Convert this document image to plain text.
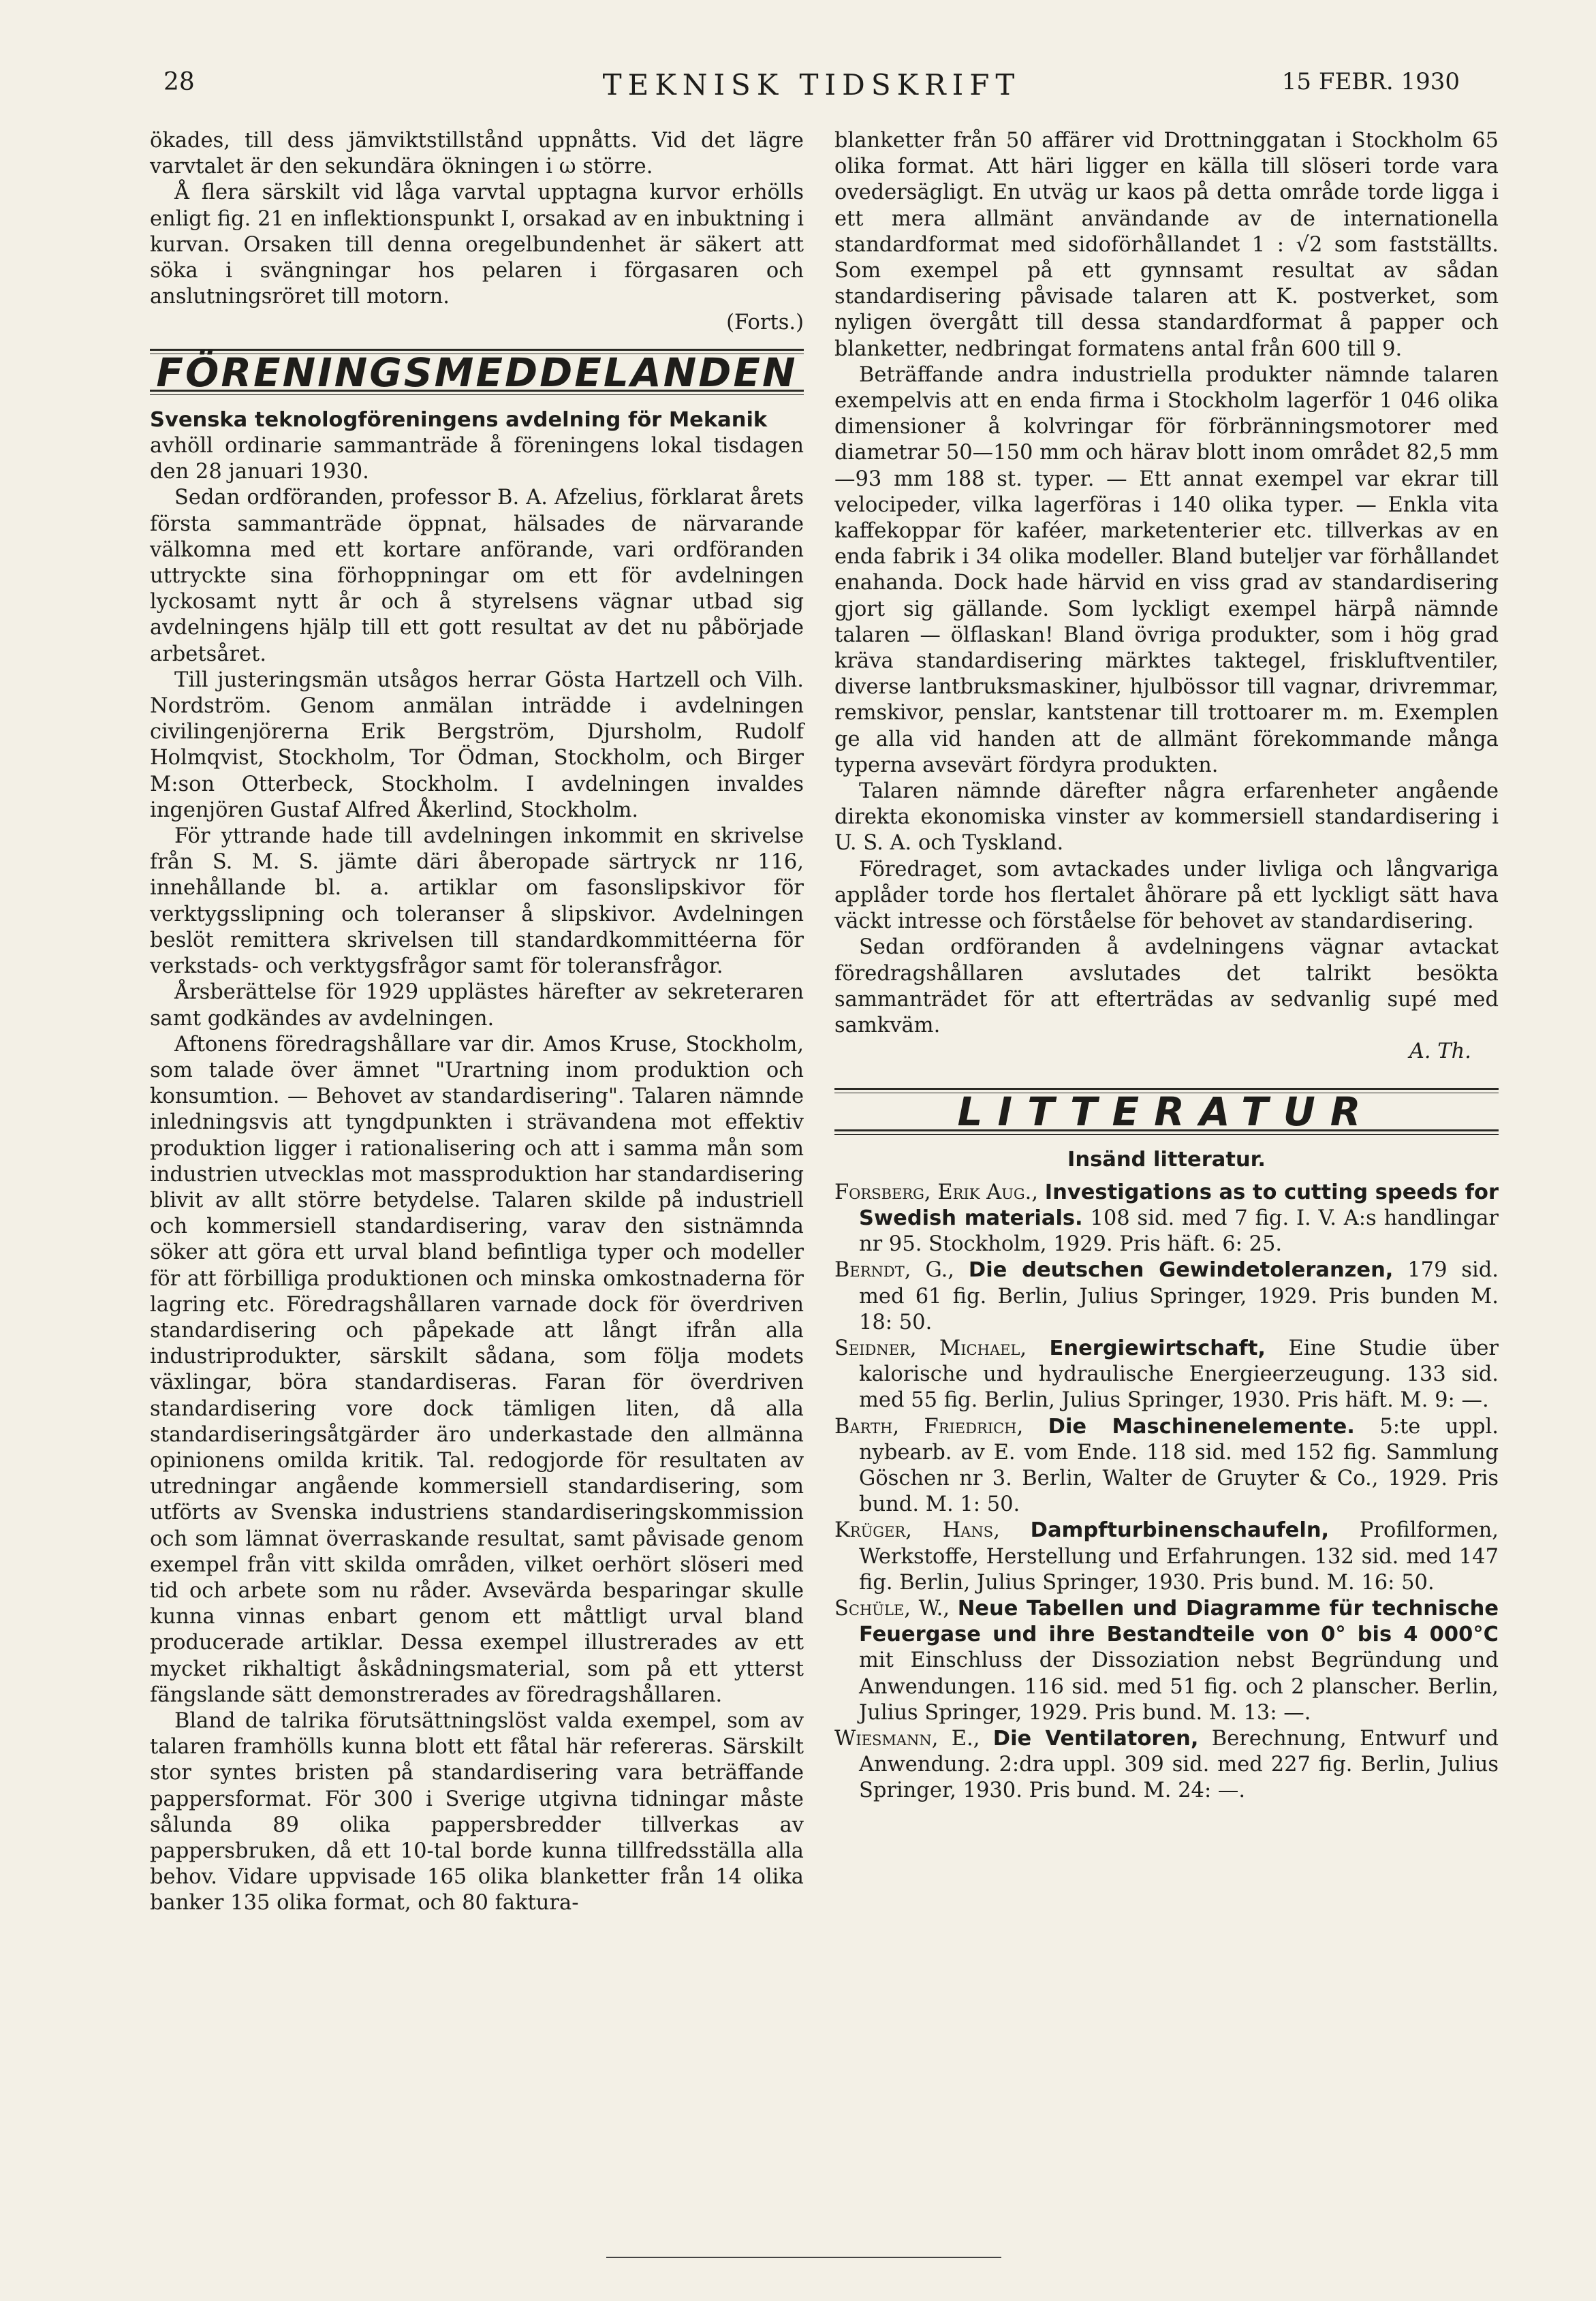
28	TEKNISK TIDSKRIFT	15 FEBR. 1930

ökades, till dess jämviktstillstånd uppnåtts. Vid det lägre varvtalet är den sekundära ökningen i ω större.

Å flera särskilt vid låga varvtal upptagna kurvor erhölls enligt fig. 21 en inflektionspunkt I, orsakad av en inbuktning i kurvan. Orsaken till denna oregelbundenhet är säkert att söka i svängningar hos pelaren i förgasaren och anslutningsröret till motorn.

(Forts.)
FÖRENINGSMEDDELANDEN

Svenska teknologföreningens avdelning för Mekanik

avhöll ordinarie sammanträde å föreningens lokal tisdagen den 28 januari 1930.

Sedan ordföranden, professor B. A. Afzelius, förklarat årets första sammanträde öppnat, hälsades de närvarande välkomna med ett kortare anförande, vari ordföranden uttryckte sina förhoppningar om ett för avdelningen lyckosamt nytt år och å styrelsens vägnar utbad sig avdelningens hjälp till ett gott resultat av det nu påbörjade arbetsåret.

Till justeringsmän utsågos herrar Gösta Hartzell och Vilh. Nordström. Genom anmälan inträdde i avdelningen civilingenjörerna Erik Bergström, Djursholm, Rudolf Holmqvist, Stockholm, Tor Ödman, Stockholm, och Birger M:son Otterbeck, Stockholm. I avdelningen invaldes ingenjören Gustaf Alfred Åkerlind, Stockholm.

För yttrande hade till avdelningen inkommit en skrivelse från S. M. S. jämte däri åberopade särtryck nr 116, innehållande bl. a. artiklar om fasonslipskivor för verktygsslipning och toleranser å slipskivor. Avdelningen beslöt remittera skrivelsen till standardkommittéerna för verkstads- och verktygsfrågor samt för toleransfrågor.

Årsberättelse för 1929 upplästes härefter av sekreteraren samt godkändes av avdelningen.

Aftonens föredragshållare var dir. Amos Kruse, Stockholm, som talade över ämnet "Urartning inom produktion och konsumtion. — Behovet av standardisering". Talaren nämnde inledningsvis att tyngdpunkten i strävandena mot effektiv produktion ligger i rationalisering och att i samma mån som industrien utvecklas mot massproduktion har standardisering blivit av allt större betydelse. Talaren skilde på industriell och kommersiell standardisering, varav den sistnämnda söker att göra ett urval bland befintliga typer och modeller för att förbilliga produktionen och minska omkostnaderna för lagring etc. Föredragshållaren varnade dock för överdriven standardisering och påpekade att långt ifrån alla industriprodukter, särskilt sådana, som följa modets växlingar, böra standardiseras. Faran för överdriven standardisering vore dock tämligen liten, då alla standardiseringsåtgärder äro underkastade den allmänna opinionens omilda kritik. Tal. redogjorde för resultaten av utredningar angående kommersiell standardisering, som utförts av Svenska industriens standardiseringskommission och som lämnat överraskande resultat, samt påvisade genom exempel från vitt skilda områden, vilket oerhört slöseri med tid och arbete som nu råder. Avsevärda besparingar skulle kunna vinnas enbart genom ett måttligt urval bland producerade artiklar. Dessa exempel illustrerades av ett mycket rikhaltigt åskådningsmaterial, som på ett ytterst fängslande sätt demonstrerades av föredragshållaren.

Bland de talrika förutsättningslöst valda exempel, som av talaren framhölls kunna blott ett fåtal här refereras. Särskilt stor syntes bristen på standardisering vara beträffande pappersformat. För 300 i Sverige utgivna tidningar måste sålunda 89 olika pappersbredder tillverkas av pappersbruken, då ett 10-tal borde kunna tillfredsställa alla behov. Vidare uppvisade 165 olika blanketter från 14 olika banker 135 olika format, och 80 faktura-

blanketter från 50 affärer vid Drottninggatan i Stockholm 65 olika format. Att häri ligger en källa till slöseri torde vara ovedersägligt. En utväg ur kaos på detta område torde ligga i ett mera allmänt användande av de internationella standardformat med sidoförhållandet 1 : √2 som fastställts. Som exempel på ett gynnsamt resultat av sådan standardisering påvisade talaren att K. postverket, som nyligen övergått till dessa standardformat å papper och blanketter, nedbringat formatens antal från 600 till 9.

Beträffande andra industriella produkter nämnde talaren exempelvis att en enda firma i Stockholm lagerför 1 046 olika dimensioner å kolvringar för förbränningsmotorer med diametrar 50—150 mm och härav blott inom området 82,5 mm—93 mm 188 st. typer. — Ett annat exempel var ekrar till velocipeder, vilka lagerföras i 140 olika typer. — Enkla vita kaffekoppar för kaféer, marketenterier etc. tillverkas av en enda fabrik i 34 olika modeller. Bland buteljer var förhållandet enahanda. Dock hade härvid en viss grad av standardisering gjort sig gällande. Som lyckligt exempel härpå nämnde talaren — ölflaskan! Bland övriga produkter, som i hög grad kräva standardisering märktes taktegel, friskluftventiler, diverse lantbruksmaskiner, hjulbössor till vagnar, drivremmar, remskivor, penslar, kantstenar till trottoarer m. m. Exemplen ge alla vid handen att de allmänt förekommande många typerna avsevärt fördyra produkten.

Talaren nämnde därefter några erfarenheter angående direkta ekonomiska vinster av kommersiell standardisering i U. S. A. och Tyskland.

Föredraget, som avtackades under livliga och långvariga applåder torde hos flertalet åhörare på ett lyckligt sätt hava väckt intresse och förståelse för behovet av standardisering.

Sedan ordföranden å avdelningens vägnar avtackat föredragshållaren avslutades det talrikt besökta sammanträdet för att efterträdas av sedvanlig supé med samkväm.

A. Th.
LITTERATUR
Insänd litteratur.

Forsberg, Erik Aug., Investigations as to cutting speeds for Swedish materials. 108 sid. med 7 fig. I. V. A:s handlingar nr 95. Stockholm, 1929. Pris häft. 6: 25.

Berndt, G., Die deutschen Gewindetoleranzen, 179 sid. med 61 fig. Berlin, Julius Springer, 1929. Pris bunden M. 18: 50.

Seidner, Michael, Energiewirtschaft, Eine Studie über kalorische und hydraulische Energieerzeugung. 133 sid. med 55 fig. Berlin, Julius Springer, 1930. Pris häft. M. 9: —.

Barth, Friedrich, Die Maschinenelemente. 5:te uppl. nybearb. av E. vom Ende. 118 sid. med 152 fig. Sammlung Göschen nr 3. Berlin, Walter de Gruyter & Co., 1929. Pris bund. M. 1: 50.

Krüger, Hans, Dampfturbinenschaufeln, Profilformen, Werkstoffe, Herstellung und Erfahrungen. 132 sid. med 147 fig. Berlin, Julius Springer, 1930. Pris bund. M. 16: 50.

Schüle, W., Neue Tabellen und Diagramme für technische Feuergase und ihre Bestandteile von 0° bis 4 000°C mit Einschluss der Dissoziation nebst Begründung und Anwendungen. 116 sid. med 51 fig. och 2 planscher. Berlin, Julius Springer, 1929. Pris bund. M. 13: —.

Wiesmann, E., Die Ventilatoren, Berechnung, Entwurf und Anwendung. 2:dra uppl. 309 sid. med 227 fig. Berlin, Julius Springer, 1930. Pris bund. M. 24: —.
